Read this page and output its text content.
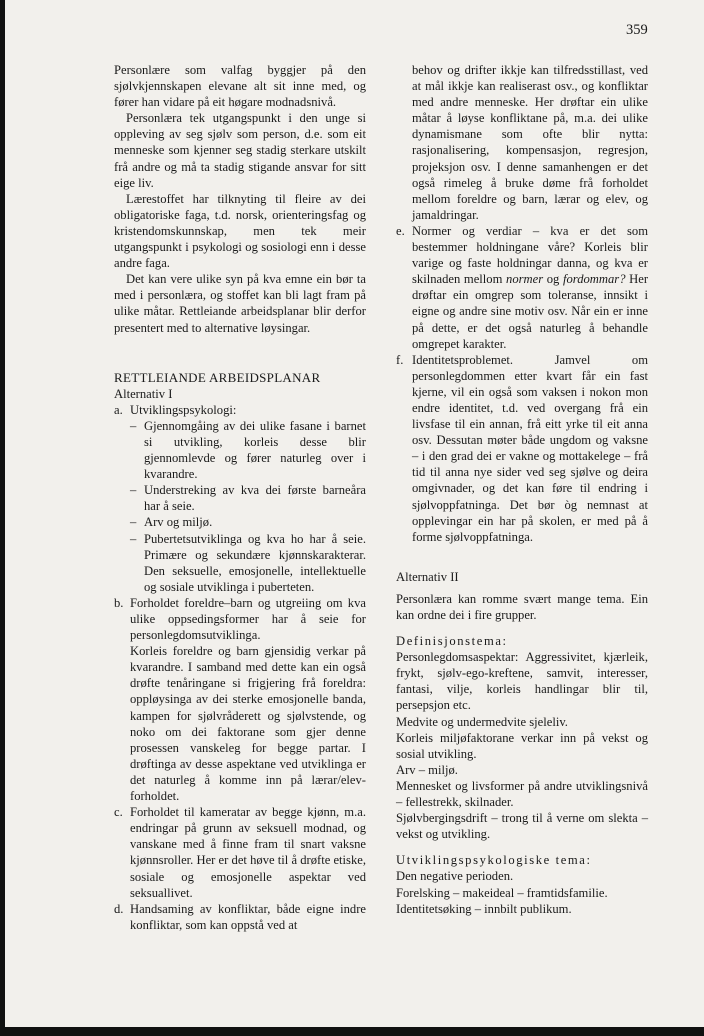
359

Personlære som valfag byggjer på den sjølvkjennskapen elevane alt sit inne med, og fører han vidare på eit høgare modnadsnivå.

Personlæra tek utgangspunkt i den unge si oppleving av seg sjølv som person, d.e. som eit menneske som kjenner seg stadig sterkare utskilt frå andre og må ta stadig stigande ansvar for sitt eige liv.

Lærestoffet har tilknyting til fleire av dei obligatoriske faga, t.d. norsk, orienteringsfag og kristendomskunnskap, men tek meir utgangspunkt i psykologi og sosiologi enn i desse andre faga.

Det kan vere ulike syn på kva emne ein bør ta med i personlæra, og stoffet kan bli lagt fram på ulike måtar. Rettleiande arbeidsplanar blir derfor presentert med to alternative løysingar.

RETTLEIANDE ARBEIDSPLANAR

Alternativ I

a. Utviklingspsykologi:
– Gjennomgåing av dei ulike fasane i barnet si utvikling, korleis desse blir gjennomlevde og fører naturleg over i kvarandre.
– Understreking av kva dei første barneåra har å seie.
– Arv og miljø.
– Pubertetsutviklinga og kva ho har å seie. Primære og sekundære kjønnskarakterar. Den seksuelle, emosjonelle, intellektuelle og sosiale utviklinga i puberteten.
b. Forholdet foreldre–barn og utgreiing om kva ulike oppsedingsformer har å seie for personlegdomsutviklinga.
Korleis foreldre og barn gjensidig verkar på kvarandre. I samband med dette kan ein også drøfte tenåringane si frigjering frå foreldra: oppløysinga av dei sterke emosjonelle banda, kampen for sjølvråderett og sjølvstende, og noko om dei faktorane som gjer denne prosessen vanskeleg for begge partar. I drøftinga av desse aspektane ved utviklinga er det naturleg å komme inn på lærar/elev-forholdet.
c. Forholdet til kameratar av begge kjønn, m.a. endringar på grunn av seksuell modnad, og vanskane med å finne fram til snart vaksne kjønnsroller. Her er det høve til å drøfte etiske, sosiale og emosjonelle aspektar ved seksuallivet.
d. Handsaming av konfliktar, både eigne indre konfliktar, som kan oppstå ved at
behov og drifter ikkje kan tilfredsstillast, ved at mål ikkje kan realiserast osv., og konfliktar med andre menneske. Her drøftar ein ulike måtar å løyse konfliktane på, m.a. dei ulike dynamismane som ofte blir nytta: rasjonalisering, kompensasjon, regresjon, projeksjon osv. I denne samanhengen er det også rimeleg å bruke døme frå forholdet mellom foreldre og barn, lærar og elev, og jamaldringar.
e. Normer og verdiar – kva er det som bestemmer holdningane våre? Korleis blir varige og faste holdningar danna, og kva er skilnaden mellom normer og fordommar? Her drøftar ein omgrep som toleranse, innsikt i eigne og andre sine motiv osv. Når ein er inne på dette, er det også naturleg å behandle omgrepet karakter.
f. Identitetsproblemet. Jamvel om personlegdommen etter kvart får ein fast kjerne, vil ein også som vaksen i nokon mon endre identitet, t.d. ved overgang frå ein livsfase til ein annan, frå eitt yrke til eit anna osv. Dessutan møter både ungdom og vaksne – i den grad dei er vakne og mottakelege – frå tid til anna nye sider ved seg sjølve og deira omgivnader, og det kan føre til endring i sjølvoppfatninga. Det bør òg nemnast at opplevingar ein har på skolen, er med på å forme sjølvoppfatninga.

Alternativ II

Personlæra kan romme svært mange tema. Ein kan ordne dei i fire grupper.

Definisjonstema:

Personlegdomsaspektar: Aggressivitet, kjærleik, frykt, sjølv-ego-kreftene, samvit, interesser, fantasi, vilje, korleis handlingar blir til, persepsjon etc.

Medvite og undermedvite sjeleliv.

Korleis miljøfaktorane verkar inn på vekst og sosial utvikling.

Arv – miljø.

Mennesket og livsformer på andre utviklingsnivå – fellestrekk, skilnader.

Sjølvbergingsdrift – trong til å verne om slekta – vekst og utvikling.

Utviklingspsykologiske tema:

Den negative perioden.

Forelsking – makeideal – framtidsfamilie.

Identitetsøking – innbilt publikum.
